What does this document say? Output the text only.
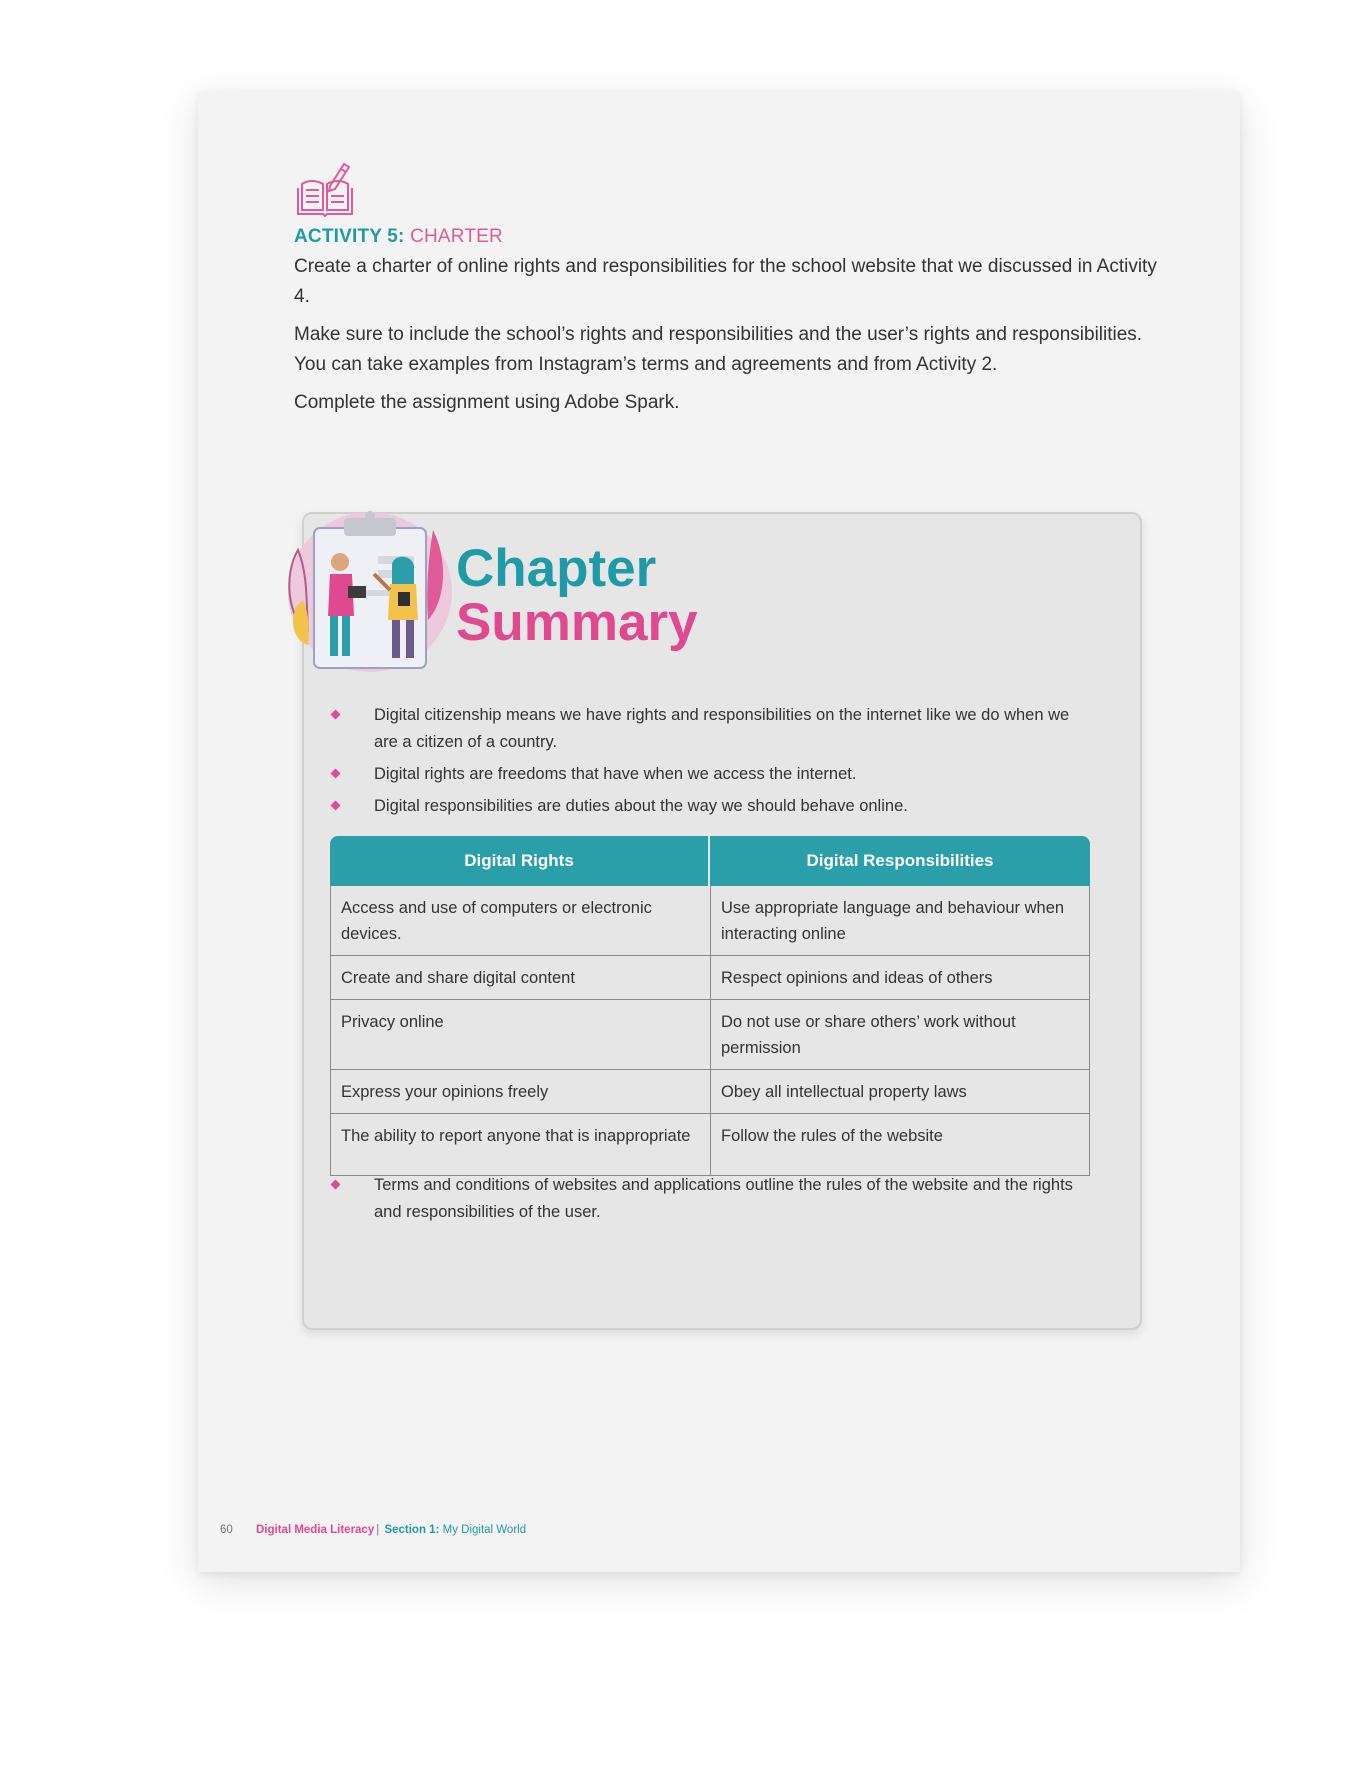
ACTIVITY 5: CHARTER

Create a charter of online rights and responsibilities for the school website that we discussed in Activity 4.

Make sure to include the school’s rights and responsibilities and the user’s rights and responsibilities. You can take examples from Instagram’s terms and agreements and from Activity 2.

Complete the assignment using Adobe Spark.

Chapter
Summary
Digital citizenship means we have rights and responsibilities on the internet like we do when we are a citizen of a country.
Digital rights are freedoms that have when we access the internet.
Digital responsibilities are duties about the way we should behave online.
Digital Rights	Digital Responsibilities
Access and use of computers or electronic devices.	Use appropriate language and behaviour when interacting online
Create and share digital content	Respect opinions and ideas of others
Privacy online	Do not use or share others’ work without permission
Express your opinions freely	Obey all intellectual property laws
The ability to report anyone that is inappropriate	Follow the rules of the website
Terms and conditions of websites and applications outline the rules of the website and the rights and responsibilities of the user.
60 Digital Media Literacy | Section 1: My Digital World
